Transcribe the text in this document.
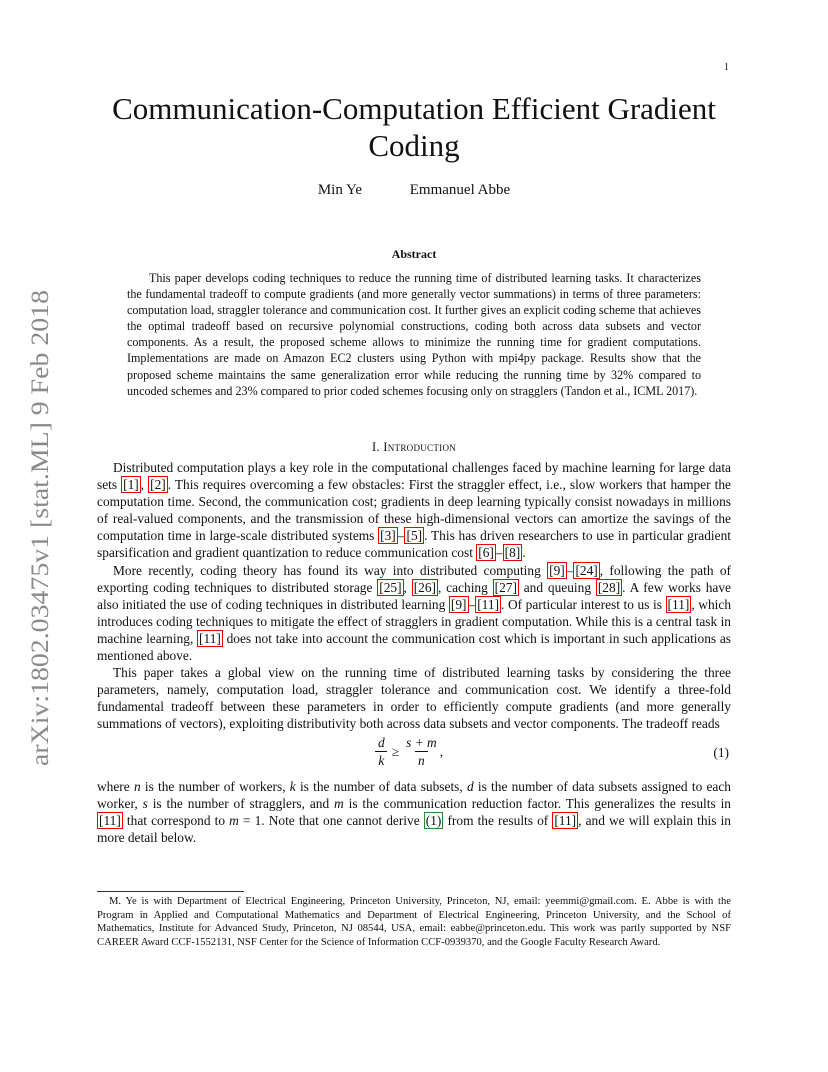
1
arXiv:1802.03475v1 [stat.ML] 9 Feb 2018
Communication-Computation Efficient Gradient Coding
Min Ye	Emmanuel Abbe
Abstract
This paper develops coding techniques to reduce the running time of distributed learning tasks. It characterizes the fundamental tradeoff to compute gradients (and more generally vector summations) in terms of three parameters: computation load, straggler tolerance and communication cost. It further gives an explicit coding scheme that achieves the optimal tradeoff based on recursive polynomial constructions, coding both across data subsets and vector components. As a result, the proposed scheme allows to minimize the running time for gradient computations. Implementations are made on Amazon EC2 clusters using Python with mpi4py package. Results show that the proposed scheme maintains the same generalization error while reducing the running time by 32% compared to uncoded schemes and 23% compared to prior coded schemes focusing only on stragglers (Tandon et al., ICML 2017).
I. Introduction

Distributed computation plays a key role in the computational challenges faced by machine learning for large data sets [1] , [2] . This requires overcoming a few obstacles: First the straggler effect, i.e., slow workers that hamper the computation time. Second, the communication cost; gradients in deep learning typically consist nowadays in millions of real-valued components, and the transmission of these high-dimensional vectors can amortize the savings of the computation time in large-scale distributed systems [3] – [5] . This has driven researchers to use in particular gradient sparsification and gradient quantization to reduce communication cost [6] – [8] .

More recently, coding theory has found its way into distributed computing [9] – [24] , following the path of exporting coding techniques to distributed storage [25] , [26] , caching [27] and queuing [28] . A few works have also initiated the use of coding techniques in distributed learning [9] – [11] . Of particular interest to us is [11] , which introduces coding techniques to mitigate the effect of stragglers in gradient computation. While this is a central task in machine learning, [11] does not take into account the communication cost which is important in such applications as mentioned above.

This paper takes a global view on the running time of distributed learning tasks by considering the three parameters, namely, computation load, straggler tolerance and communication cost. We identify a three-fold fundamental tradeoff between these parameters in order to efficiently compute gradients (and more generally summations of vectors), exploiting distributivity both across data subsets and vector components. The tradeoff reads

$\frac{d}{k} \ge \frac{s + m}{n}$ ,	(1)

where n is the number of workers, k is the number of data subsets, d is the number of data subsets assigned to each worker, s is the number of stragglers, and m is the communication reduction factor. This generalizes the results in [11] that correspond to m = 1. Note that one cannot derive (1) from the results of [11] , and we will explain this in more detail below.

M. Ye is with Department of Electrical Engineering, Princeton University, Princeton, NJ, email: yeemmi@gmail.com. E. Abbe is with the Program in Applied and Computational Mathematics and Department of Electrical Engineering, Princeton University, and the School of Mathematics, Institute for Advanced Study, Princeton, NJ 08544, USA, email: eabbe@princeton.edu. This work was partly supported by NSF CAREER Award CCF-1552131, NSF Center for the Science of Information CCF-0939370, and the Google Faculty Research Award.
